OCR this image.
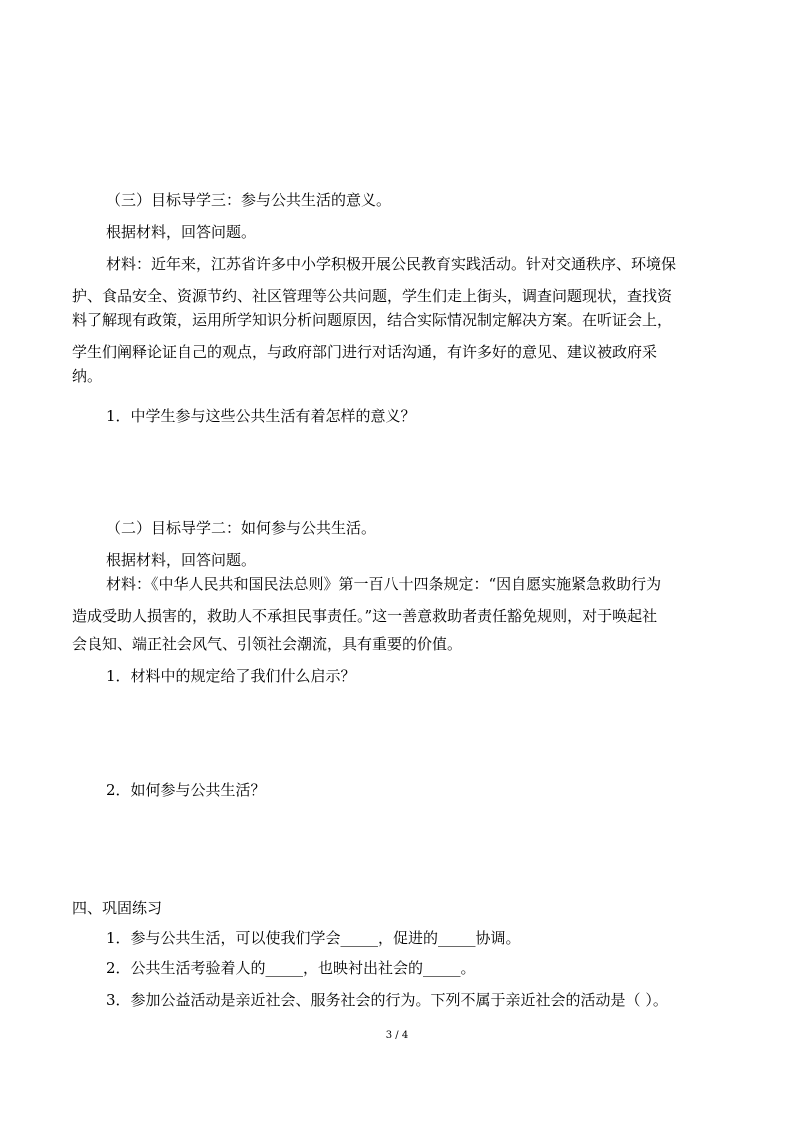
（三）目标导学三：参与公共生活的意义。
根据材料，回答问题。
材料：近年来，江苏省许多中小学积极开展公民教育实践活动。针对交通秩序、环境保
护、食品安全、资源节约、社区管理等公共问题，学生们走上街头，调查问题现状，查找资
料了解现有政策，运用所学知识分析问题原因，结合实际情况制定解决方案。在听证会上，
学生们阐释论证自己的观点，与政府部门进行对话沟通，有许多好的意见、建议被政府采
纳。
1．中学生参与这些公共生活有着怎样的意义？
（二）目标导学二：如何参与公共生活。
根据材料，回答问题。
材料：《中华人民共和国民法总则》第一百八十四条规定：“因自愿实施紧急救助行为
造成受助人损害的，救助人不承担民事责任。”这一善意救助者责任豁免规则，对于唤起社
会良知、端正社会风气、引领社会潮流，具有重要的价值。
1．材料中的规定给了我们什么启示？
2．如何参与公共生活？
四、巩固练习
1．参与公共生活，可以使我们学会_____，促进的_____协调。
2．公共生活考验着人的_____，也映衬出社会的_____。
3．参加公益活动是亲近社会、服务社会的行为。下列不属于亲近社会的活动是（ ）。
3 / 4
